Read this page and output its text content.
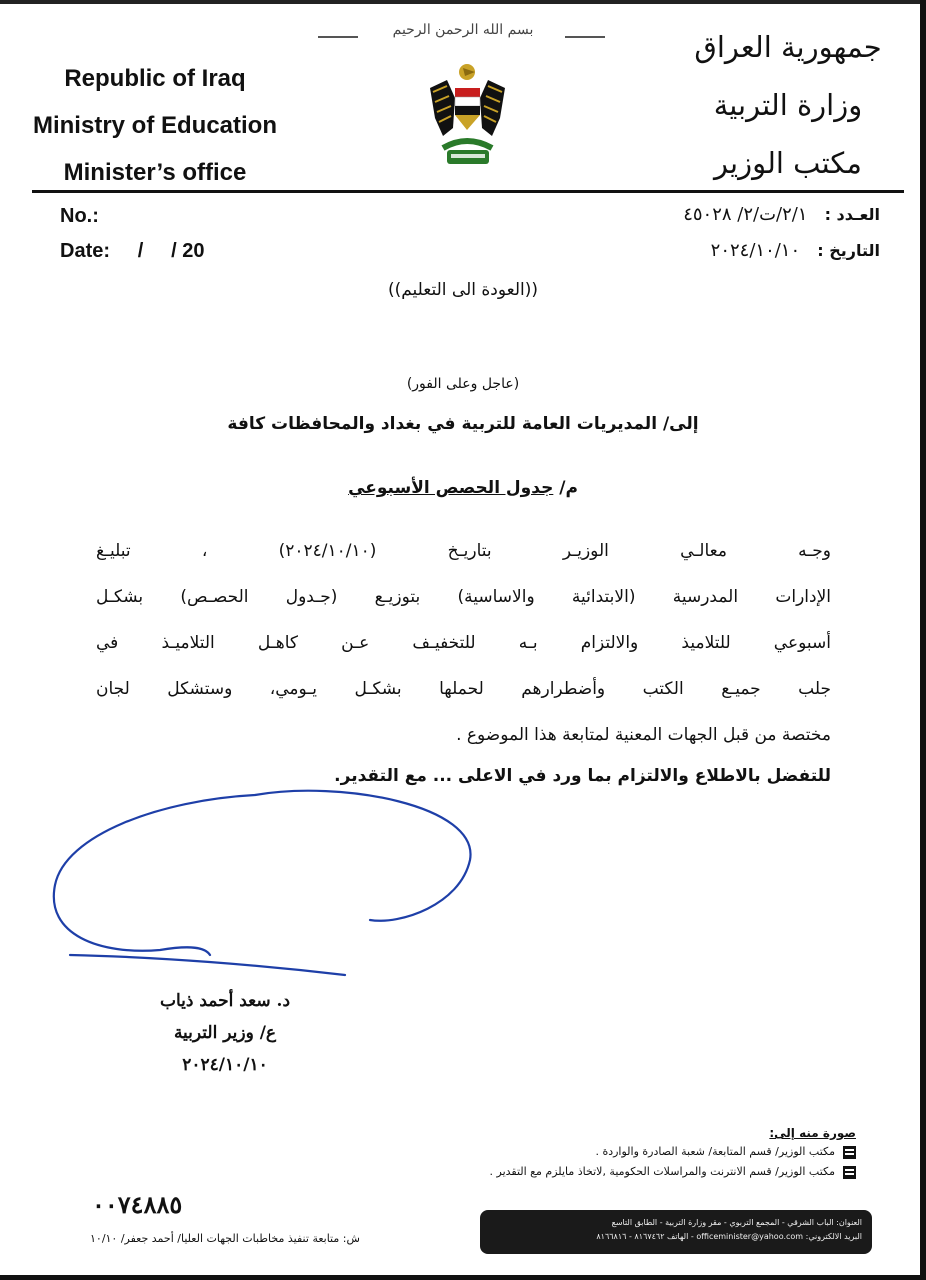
بسم الله الرحمن الرحيم
Republic of Iraq
Ministry of Education
Minister’s office
جمهورية العراق
وزارة التربية
مكتب الوزير
No.:
Date:     /     / 20
العـدد : ٢/١/ت/٢/ ٤٥٠٢٨
التاريخ : ٢٠٢٤/١٠/١٠
((العودة الى التعليم))
(عاجل وعلى الفور)
إلى/ المديريات العامة للتربية في بغداد والمحافظات كافة
م/ جدول الحصص الأسبوعي
وجـه معالـي الوزيـر بتاريـخ (٢٠٢٤/١٠/١٠) ، تبليـغ
الإدارات المدرسية (الابتدائية والاساسية) بتوزيـع (جـدول الحصـص) بشكـل
أسبوعي للتلاميذ والالتزام بـه للتخفيـف عـن كاهـل التلاميـذ في
جلب جميـع الكتب وأضطرارهم لحملها بشكـل يـومي، وستشكل لجان
مختصة من قبل الجهات المعنية لمتابعة هذا الموضوع .
للتفضل بالاطلاع والالتزام بما ورد في الاعلى ... مع التقدير.
د. سعد أحمد ذياب
ع/ وزير التربية
٢٠٢٤/١٠/١٠
صورة منه إلى:
مكتب الوزير/ قسم المتابعة/ شعبة الصادرة والواردة .
مكتب الوزير/ قسم الانترنت والمراسلات الحكومية ,لاتخاذ مايلزم مع التقدير .
٠٠٧٤٨٨٥
ش: متابعة تنفيذ مخاطبات الجهات العليا/ أحمد جعفر/ ١٠/١٠
العنوان: الباب الشرقي - المجمع التربوي - مقر وزارة التربية - الطابق التاسع
البريد الالكتروني: officeminister@yahoo.com - الهاتف ٨١٦٧٤٦٢ - ٨١٦٦٨١٦
